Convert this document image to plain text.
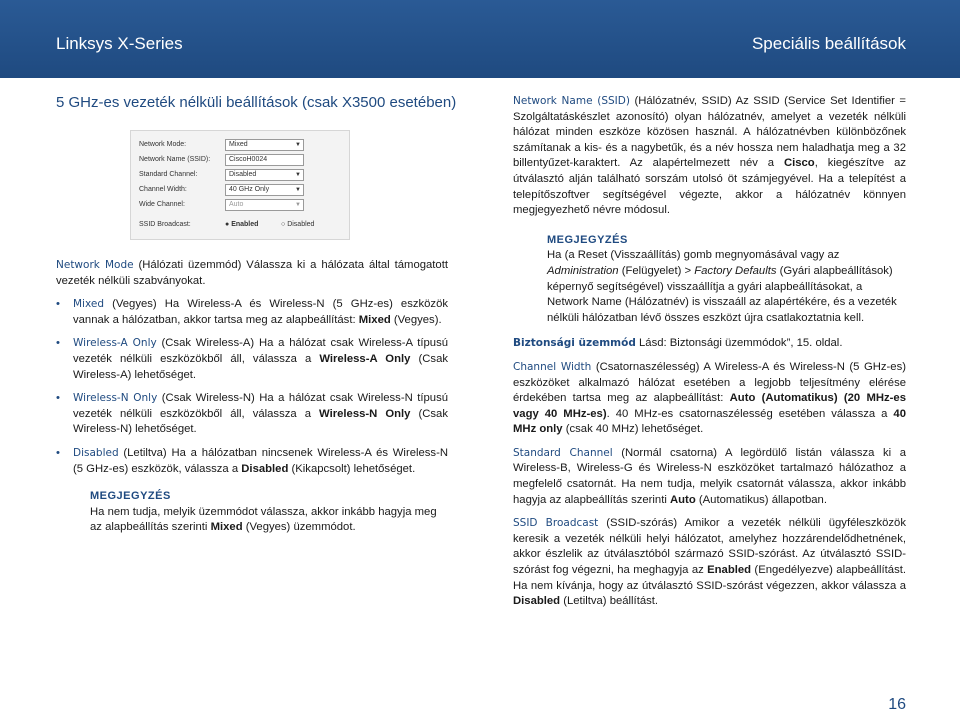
Linksys X-Series	Speciális beállítások
5 GHz-es vezeték nélküli beállítások (csak X3500 esetében)
Network Mode:	Mixed ▼
Network Name (SSID):	CiscoH0024
Standard Channel:	Disabled ▼
Channel Width:	40 GHz Only ▼
Wide Channel:	Auto ▼
SSID Broadcast:	● Enabled	○ Disabled

Network Mode (Hálózati üzemmód) Válassza ki a hálózata által támogatott vezeték nélküli szabványokat.

• Mixed (Vegyes) Ha Wireless-A és Wireless-N (5 GHz-es) eszközök vannak a hálózatban, akkor tartsa meg az alapbeállítást: Mixed (Vegyes).
• Wireless-A Only (Csak Wireless-A) Ha a hálózat csak Wireless-A típusú vezeték nélküli eszközökből áll, válassza a Wireless-A Only (Csak Wireless-A) lehetőséget.
• Wireless-N Only (Csak Wireless-N) Ha a hálózat csak Wireless-N típusú vezeték nélküli eszközökből áll, válassza a Wireless-N Only (Csak Wireless-N) lehetőséget.
• Disabled (Letiltva) Ha a hálózatban nincsenek Wireless-A és Wireless-N (5 GHz-es) eszközök, válassza a Disabled (Kikapcsolt) lehetőséget.
MEGJEGYZÉS
Ha nem tudja, melyik üzemmódot válassza, akkor inkább hagyja meg az alapbeállítás szerinti Mixed (Vegyes) üzemmódot.

Network Name (SSID) (Hálózatnév, SSID) Az SSID (Service Set Identifier = Szolgáltatáskészlet azonosító) olyan hálózatnév, amelyet a vezeték nélküli hálózat minden eszköze közösen használ. A hálózatnévben különbözőnek számítanak a kis- és a nagybetűk, és a név hossza nem haladhatja meg a 32 billentyűzet-karaktert. Az alapértelmezett név a Cisco, kiegészítve az útválasztó alján található sorszám utolsó öt számjegyével. Ha a telepítést a telepítőszoftver segítségével végezte, akkor a hálózatnév könnyen megjegyezhető névre módosul.

MEGJEGYZÉS
Ha (a Reset (Visszaállítás) gomb megnyomásával vagy az Administration (Felügyelet) > Factory Defaults (Gyári alapbeállítások) képernyő segítségével) visszaállítja a gyári alapbeállításokat, a Network Name (Hálózatnév) is visszaáll az alapértékére, és a vezeték nélküli hálózatban lévő összes eszközt újra csatlakoztatnia kell.

Biztonsági üzemmód Lásd: Biztonsági üzemmódok”, 15. oldal.

Channel Width (Csatornaszélesség) A Wireless-A és Wireless-N (5 GHz-es) eszközöket alkalmazó hálózat esetében a legjobb teljesítmény elérése érdekében tartsa meg az alapbeállítást: Auto (Automatikus) (20 MHz-es vagy 40 MHz-es). 40 MHz-es csatornaszélesség esetében válassza a 40 MHz only (csak 40 MHz) lehetőséget.

Standard Channel (Normál csatorna) A legördülő listán válassza ki a Wireless-B, Wireless-G és Wireless-N eszközöket tartalmazó hálózathoz a megfelelő csatornát. Ha nem tudja, melyik csatornát válassza, akkor inkább hagyja az alapbeállítás szerinti Auto (Automatikus) állapotban.

SSID Broadcast (SSID-szórás) Amikor a vezeték nélküli ügyféleszközök keresik a vezeték nélküli helyi hálózatot, amelyhez hozzárendelődhetnének, akkor észlelik az útválasztóból származó SSID-szórást. Az útválasztó SSID-szórást fog végezni, ha meghagyja az Enabled (Engedélyezve) alapbeállítást. Ha nem kívánja, hogy az útválasztó SSID-szórást végezzen, akkor válassza a Disabled (Letiltva) beállítást.

16
